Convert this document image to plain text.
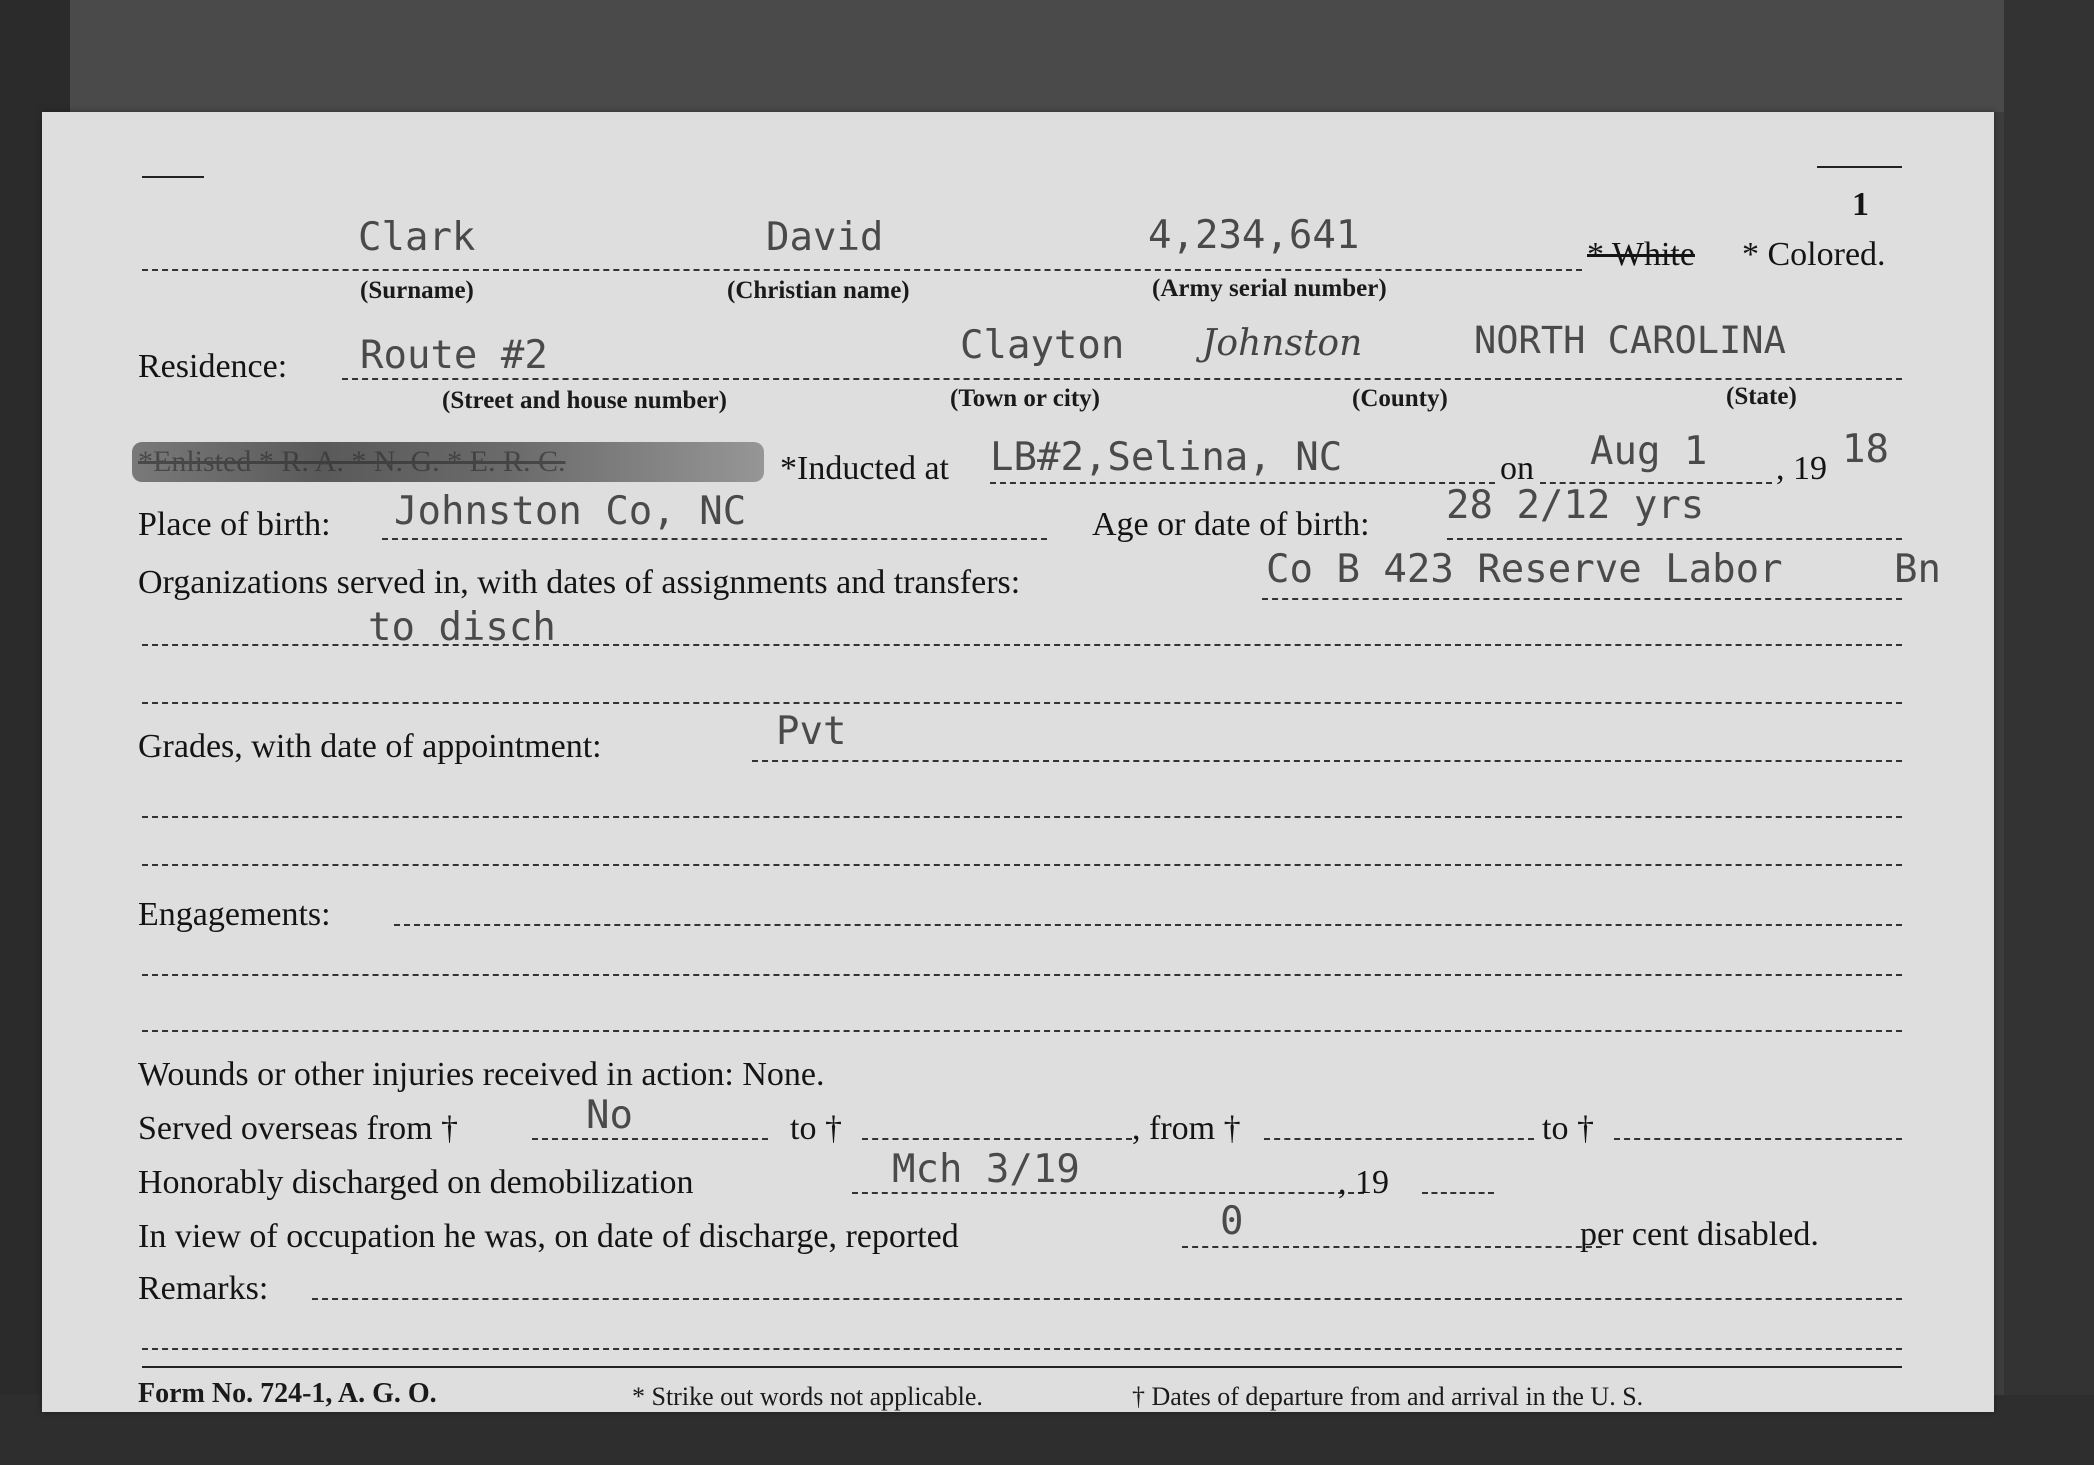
1
Clark	David	4,234,641	* White * Colored.
(Surname)	(Christian name)	(Army serial number)
Residence: Route #2	Clayton Johnston	NORTH CAROLINA
(Street and house number)	(Town or city)	(County)	(State)
*Enlisted * R. A. * N. G. * E. R. C.	*Inducted at LB#2,Selina, NC	on Aug 1 , 19 18
Place of birth: Johnston Co, NC	Age or date of birth: 28 2/12 yrs
Organizations served in, with dates of assignments and transfers:	Co B 423 Reserve Labor	Bn
to disch
Grades, with date of appointment:	Pvt
Engagements:
Wounds or other injuries received in action: None.
Served overseas from †	No	to †	, from †	to †
Honorably discharged on demobilization	Mch 3/19	, 19
In view of occupation he was, on date of discharge, reported	0	per cent disabled.
Remarks:
Form No. 724-1, A. G. O.	* Strike out words not applicable.	† Dates of departure from and arrival in the U. S.
